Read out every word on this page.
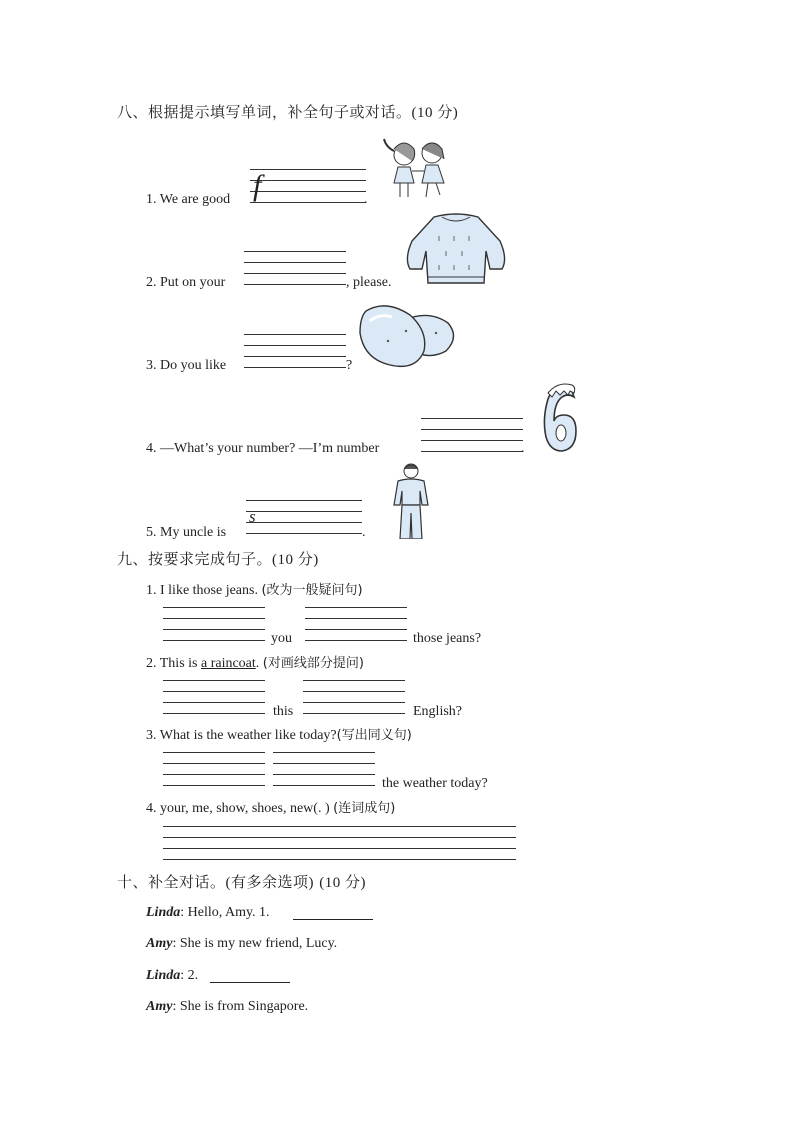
八、根据提示填写单词，补全句子或对话。(10 分)
1. We are good f	.
2. Put on your	, please.
3. Do you like	?
4. —What’s your number? —I’m number	.
5. My uncle is
s
.
九、按要求完成句子。(10 分)
1. I like those jeans. (改为一般疑问句)
you	those jeans?
2. This is a raincoat. (对画线部分提问)
this	English?
3. What is the weather like today?(写出同义句)
the weather today?
4. your, me, show, shoes, new(. ) (连词成句)
十、补全对话。(有多余选项) (10 分)
Linda: Hello, Amy. 1.
Amy: She is my new friend, Lucy.
Linda: 2.
Amy: She is from Singapore.
